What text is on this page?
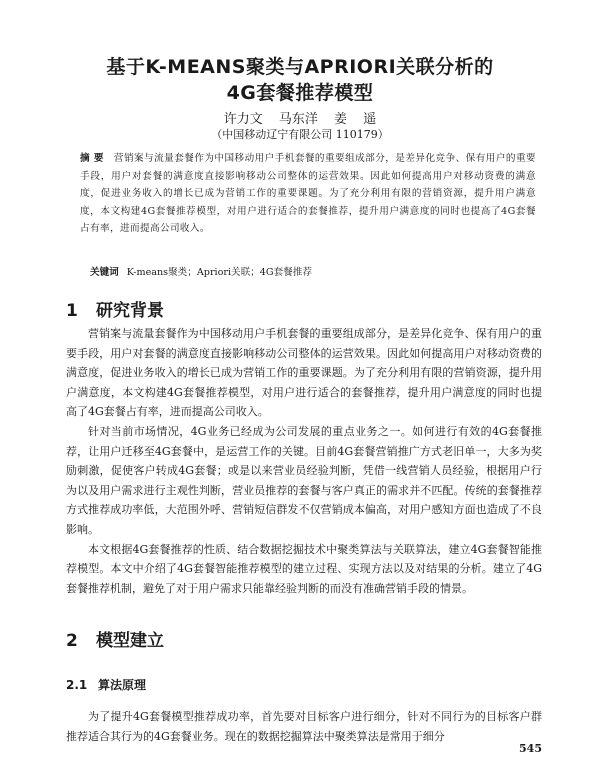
基于K-MEANS聚类与APRIORI关联分析的
4G套餐推荐模型
许力文 马东洋 姜 遥
（中国移动辽宁有限公司 110179）
摘 要 营销案与流量套餐作为中国移动用户手机套餐的重要组成部分，是差异化竞争、保有用户的重要手段，用户对套餐的满意度直接影响移动公司整体的运营效果。因此如何提高用户对移动资费的满意度，促进业务收入的增长已成为营销工作的重要课题。为了充分利用有限的营销资源，提升用户满意度，本文构建4G套餐推荐模型，对用户进行适合的套餐推荐，提升用户满意度的同时也提高了4G套餐占有率，进而提高公司收入。
关键词 K-means聚类；Apriori关联；4G套餐推荐
1 研究背景

营销案与流量套餐作为中国移动用户手机套餐的重要组成部分，是差异化竞争、保有用户的重要手段，用户对套餐的满意度直接影响移动公司整体的运营效果。因此如何提高用户对移动资费的满意度，促进业务收入的增长已成为营销工作的重要课题。为了充分利用有限的营销资源，提升用户满意度，本文构建4G套餐推荐模型，对用户进行适合的套餐推荐，提升用户满意度的同时也提高了4G套餐占有率，进而提高公司收入。

针对当前市场情况，4G业务已经成为公司发展的重点业务之一。如何进行有效的4G套餐推荐，让用户迁移至4G套餐中，是运营工作的关键。目前4G套餐营销推广方式老旧单一，大多为奖励刺激，促使客户转成4G套餐；或是以来营业员经验判断，凭借一线营销人员经验，根据用户行为以及用户需求进行主观性判断，营业员推荐的套餐与客户真正的需求并不匹配。传统的套餐推荐方式推荐成功率低，大范围外呼、营销短信群发不仅营销成本偏高，对用户感知方面也造成了不良影响。

本文根据4G套餐推荐的性质、结合数据挖掘技术中聚类算法与关联算法，建立4G套餐智能推荐模型。本文中介绍了4G套餐智能推荐模型的建立过程、实现方法以及对结果的分析。建立了4G套餐推荐机制，避免了对于用户需求只能靠经验判断的而没有准确营销手段的情景。

2 模型建立
2.1 算法原理

为了提升4G套餐模型推荐成功率，首先要对目标客户进行细分，针对不同行为的目标客户群推荐适合其行为的4G套餐业务。现在的数据挖掘算法中聚类算法是常用于细分

545
